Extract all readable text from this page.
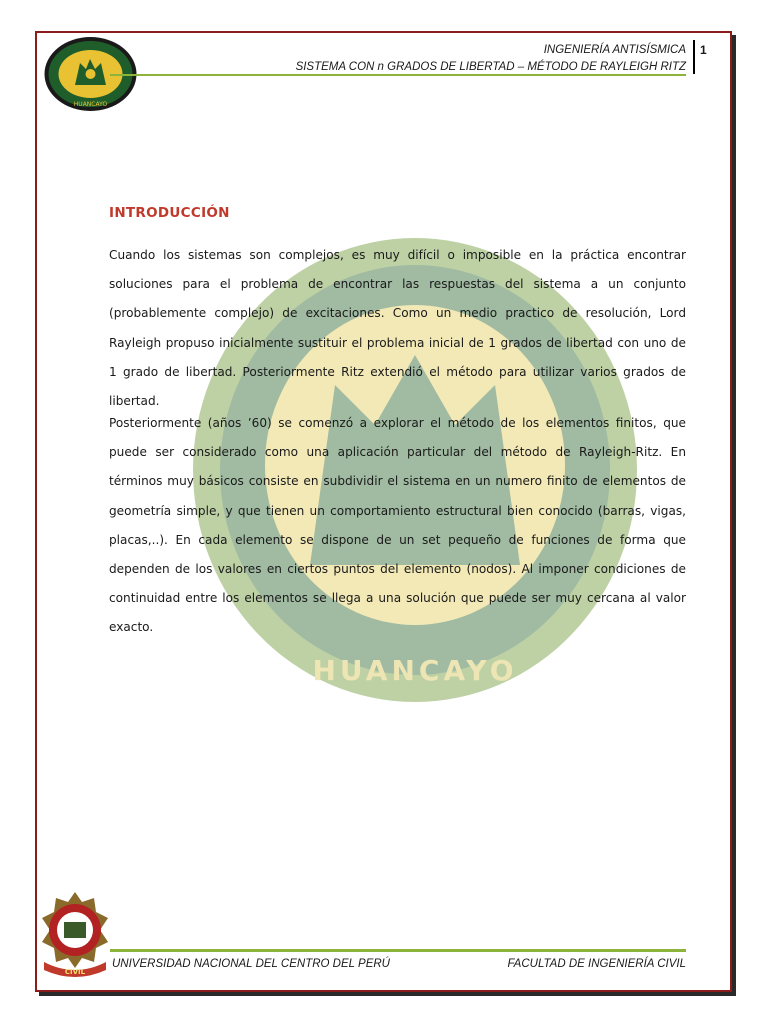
HUANCAYO
INGENIERÍA ANTISÍSMICA
SISTEMA CON n GRADOS DE LIBERTAD – MÉTODO DE RAYLEIGH RITZ
1
HUANCAYO
INTRODUCCIÓN

Cuando los sistemas son complejos, es muy difícil o imposible en la práctica encontrar soluciones para el problema de encontrar las respuestas del sistema a un conjunto (probablemente complejo) de excitaciones. Como un medio practico de resolución, Lord Rayleigh propuso inicialmente sustituir el problema inicial de 1 grados de libertad con uno de 1 grado de libertad. Posteriormente Ritz extendió el método para utilizar varios grados de libertad.

Posteriormente (años ’60) se comenzó a explorar el método de los elementos finitos, que puede ser considerado como una aplicación particular del método de Rayleigh-Ritz. En términos muy básicos consiste en subdividir el sistema en un numero finito de elementos de geometría simple, y que tienen un comportamiento estructural bien conocido (barras, vigas, placas,..). En cada elemento se dispone de un set pequeño de funciones de forma que dependen de los valores en ciertos puntos del elemento (nodos). Al imponer condiciones de continuidad entre los elementos se llega a una solución que puede ser muy cercana al valor exacto.

CIVIL
UNIVERSIDAD NACIONAL DEL CENTRO DEL PERÚ	FACULTAD DE INGENIERÍA CIVIL
